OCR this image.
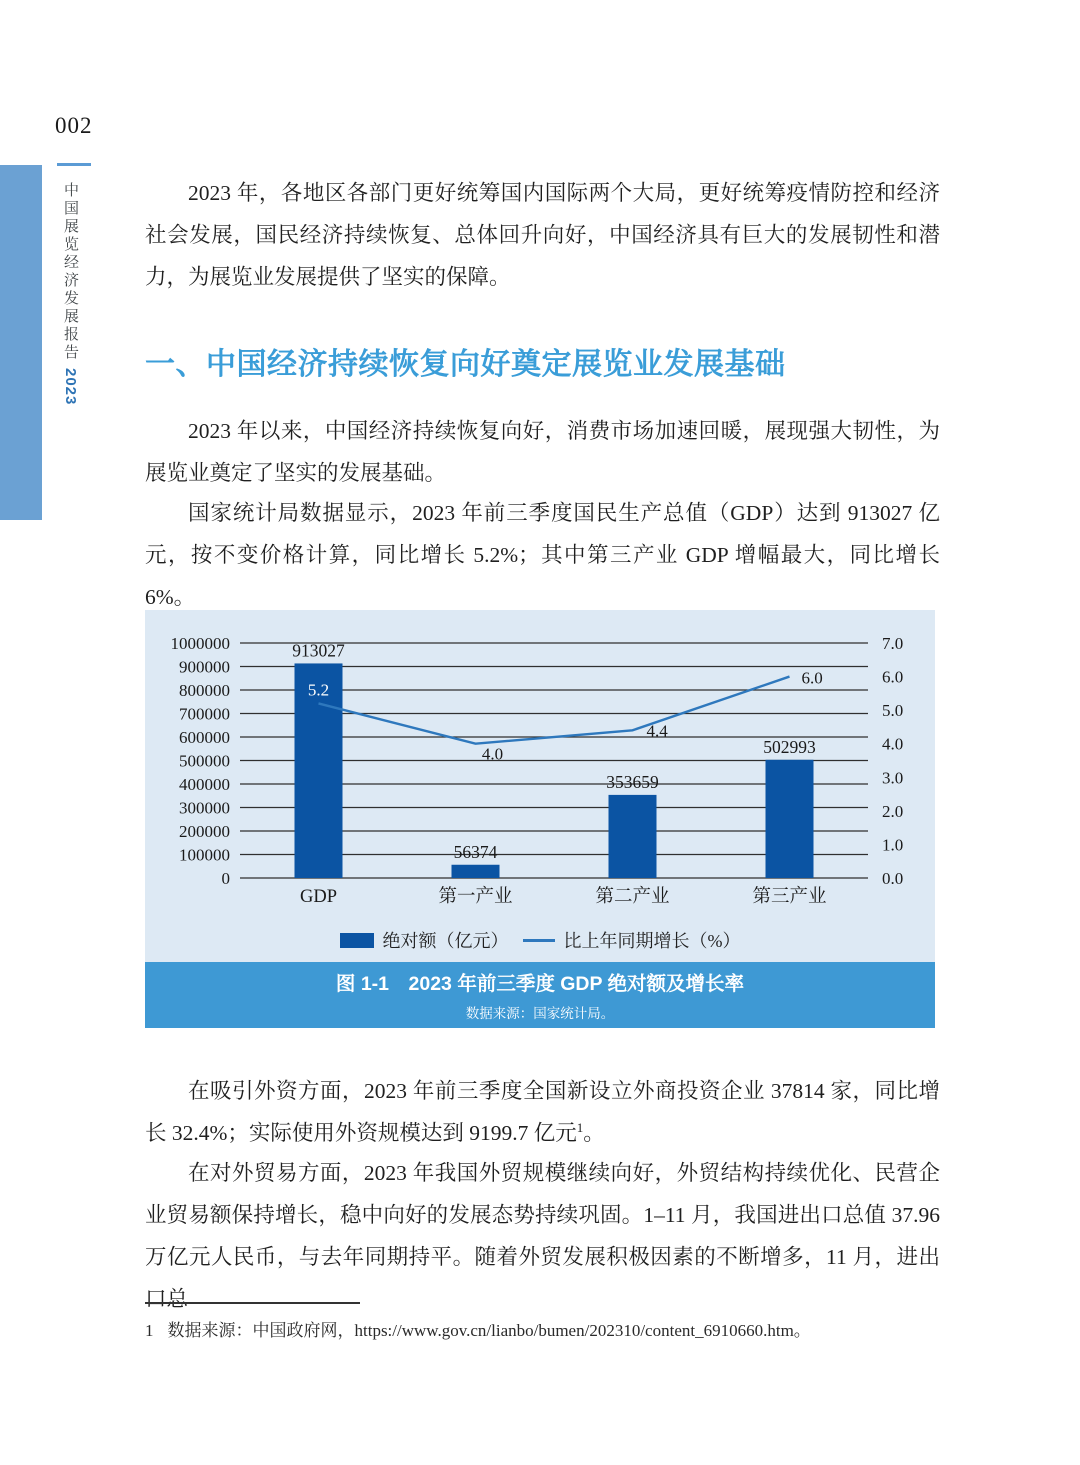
002
中国展览经济发展报告2023
2023 年，各地区各部门更好统筹国内国际两个大局，更好统筹疫情防控和经济社会发展，国民经济持续恢复、总体回升向好，中国经济具有巨大的发展韧性和潜力，为展览业发展提供了坚实的保障。
一、中国经济持续恢复向好奠定展览业发展基础
2023 年以来，中国经济持续恢复向好，消费市场加速回暖，展现强大韧性，为展览业奠定了坚实的发展基础。
国家统计局数据显示，2023 年前三季度国民生产总值（GDP）达到 913027 亿元，按不变价格计算，同比增长 5.2%；其中第三产业 GDP 增幅最大，同比增长 6%。
1000000
900000
800000
700000
600000
500000
400000
300000
200000
100000
0
7.0
6.0
5.0
4.0
3.0
2.0
1.0
0.0
913027
56374
353659
502993
5.2
4.0
4.4
6.0
GDP	第一产业	第二产业	第三产业
绝对额（亿元）	比上年同期增长（%）
图 1-1　2023 年前三季度 GDP 绝对额及增长率
数据来源：国家统计局。
在吸引外资方面，2023 年前三季度全国新设立外商投资企业 37814 家，同比增长 32.4%；实际使用外资规模达到 9199.7 亿元$^1$。
在对外贸易方面，2023 年我国外贸规模继续向好，外贸结构持续优化、民营企业贸易额保持增长，稳中向好的发展态势持续巩固。1–11 月，我国进出口总值 37.96 万亿元人民币，与去年同期持平。随着外贸发展积极因素的不断增多，11 月，进出口总
1 数据来源：中国政府网，https://www.gov.cn/lianbo/bumen/202310/content_6910660.htm。
